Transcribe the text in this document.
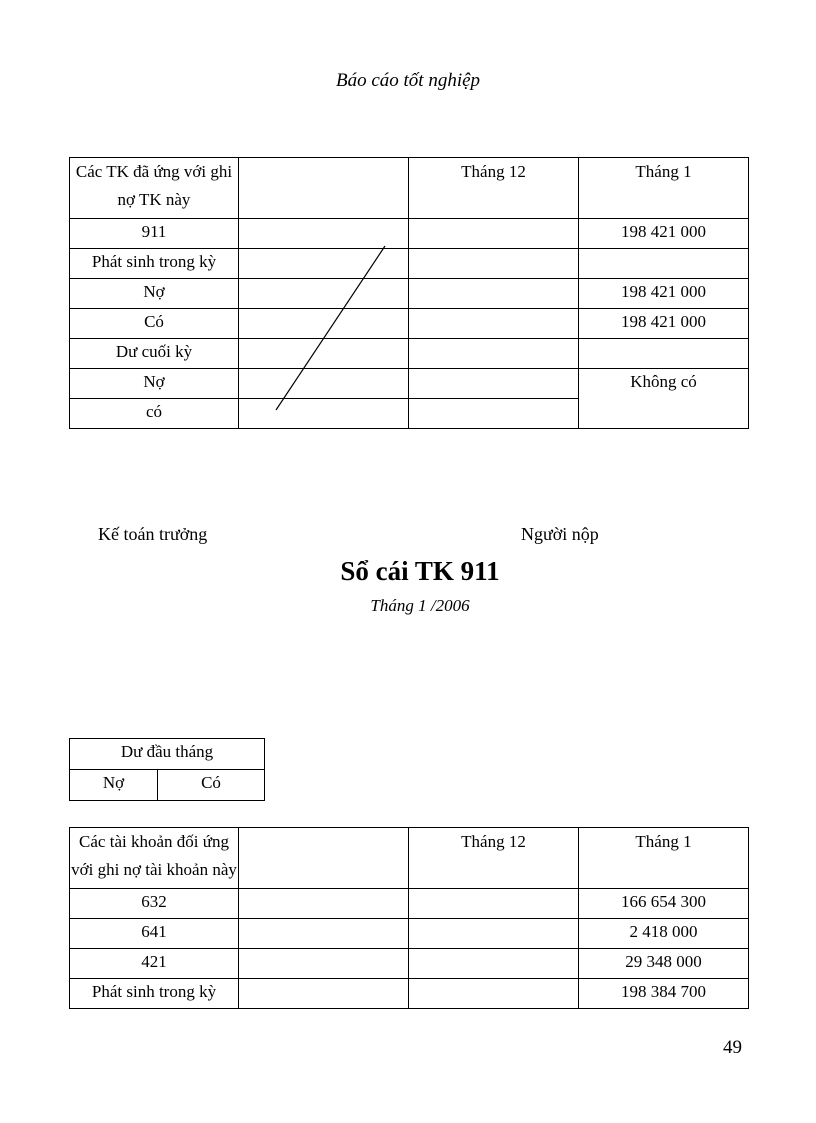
Báo cáo tốt nghiệp
Các TK đã ứng với ghi nợ TK này		Tháng 12	Tháng 1
911			198 421 000
Phát sinh trong kỳ			
Nợ			198 421 000
Có			198 421 000
Dư cuối kỳ			
Nợ			Không có
có			
Kế toán trưởng	Người nộp
Sổ cái TK 911
Tháng 1 /2006
Dư đầu tháng
Nợ	Có
Các tài khoản đối ứng với ghi nợ tài khoản này		Tháng 12	Tháng 1
632			166 654 300
641			2 418 000
421			29 348 000
Phát sinh trong kỳ			198 384 700
49
